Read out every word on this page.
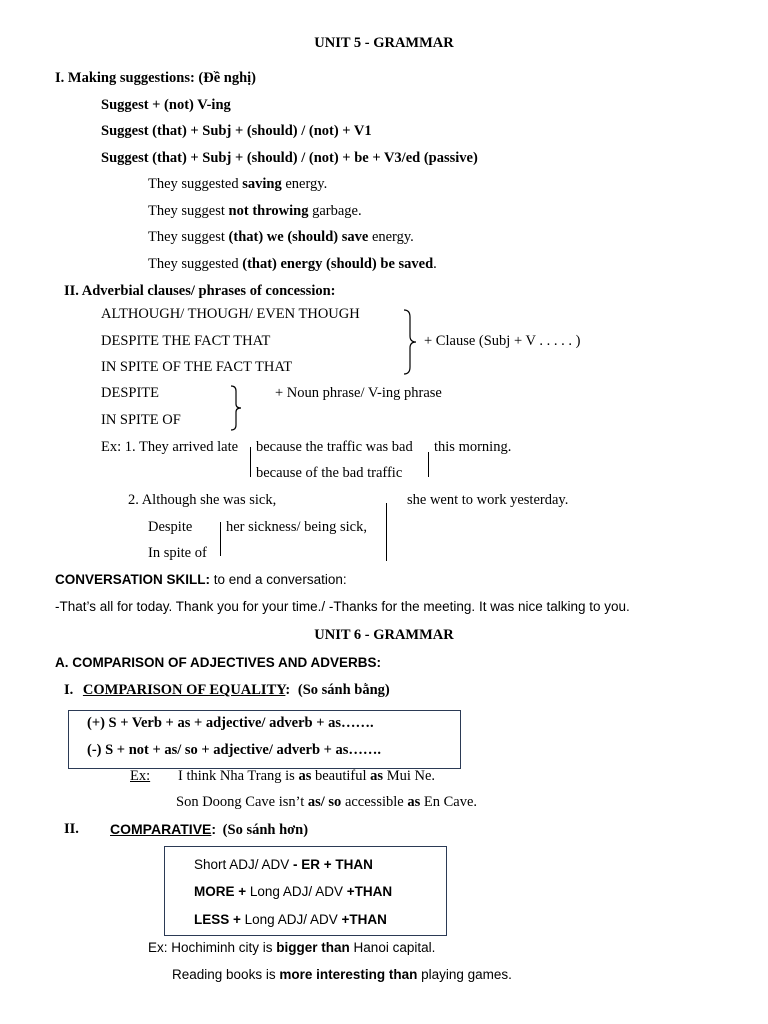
UNIT 5 - GRAMMAR
I. Making suggestions: (Đề nghị)
Suggest + (not) V-ing
Suggest (that) + Subj + (should) / (not) + V1
Suggest (that) + Subj + (should) / (not) + be + V3/ed (passive)
They suggested saving energy.
They suggest not throwing garbage.
They suggest (that) we (should) save energy.
They suggested (that) energy (should) be saved.
II. Adverbial clauses/ phrases of concession:
ALTHOUGH/ THOUGH/ EVEN THOUGH
DESPITE THE FACT THAT
IN SPITE OF THE FACT THAT
+ Clause (Subj + V . . . . . )
DESPITE
IN SPITE OF
+ Noun phrase/ V-ing phrase
Ex: 1. They arrived late because the traffic was bad this morning.
because of the bad traffic
2. Although she was sick,	she went to work yesterday.
Despite her sickness/ being sick,
In spite of
CONVERSATION SKILL: to end a conversation:
-That’s all for today. Thank you for your time./ -Thanks for the meeting. It was nice talking to you.
UNIT 6 - GRAMMAR
A. COMPARISON OF ADJECTIVES AND ADVERBS:
I. COMPARISON OF EQUALITY: (So sánh bằng)
(+) S + Verb + as + adjective/ adverb + as…….
(-) S + not + as/ so + adjective/ adverb + as…….
Ex: I think Nha Trang is as beautiful as Mui Ne.
Son Doong Cave isn’t as/ so accessible as En Cave.
II. COMPARATIVE: (So sánh hơn)
Short ADJ/ ADV - ER + THAN
MORE + Long ADJ/ ADV +THAN
LESS + Long ADJ/ ADV +THAN
Ex: Hochiminh city is bigger than Hanoi capital.
Reading books is more interesting than playing games.
